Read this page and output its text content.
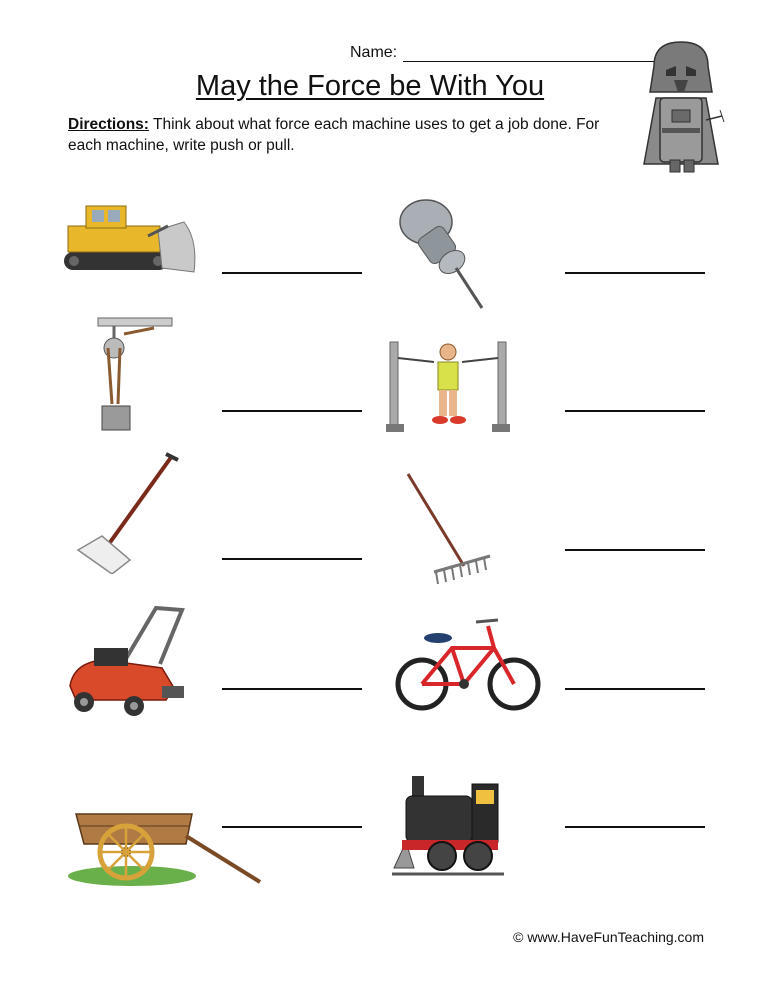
Name:
May the Force be With You
Directions: Think about what force each machine uses to get a job done. For each machine, write push or pull.
© www.HaveFunTeaching.com
